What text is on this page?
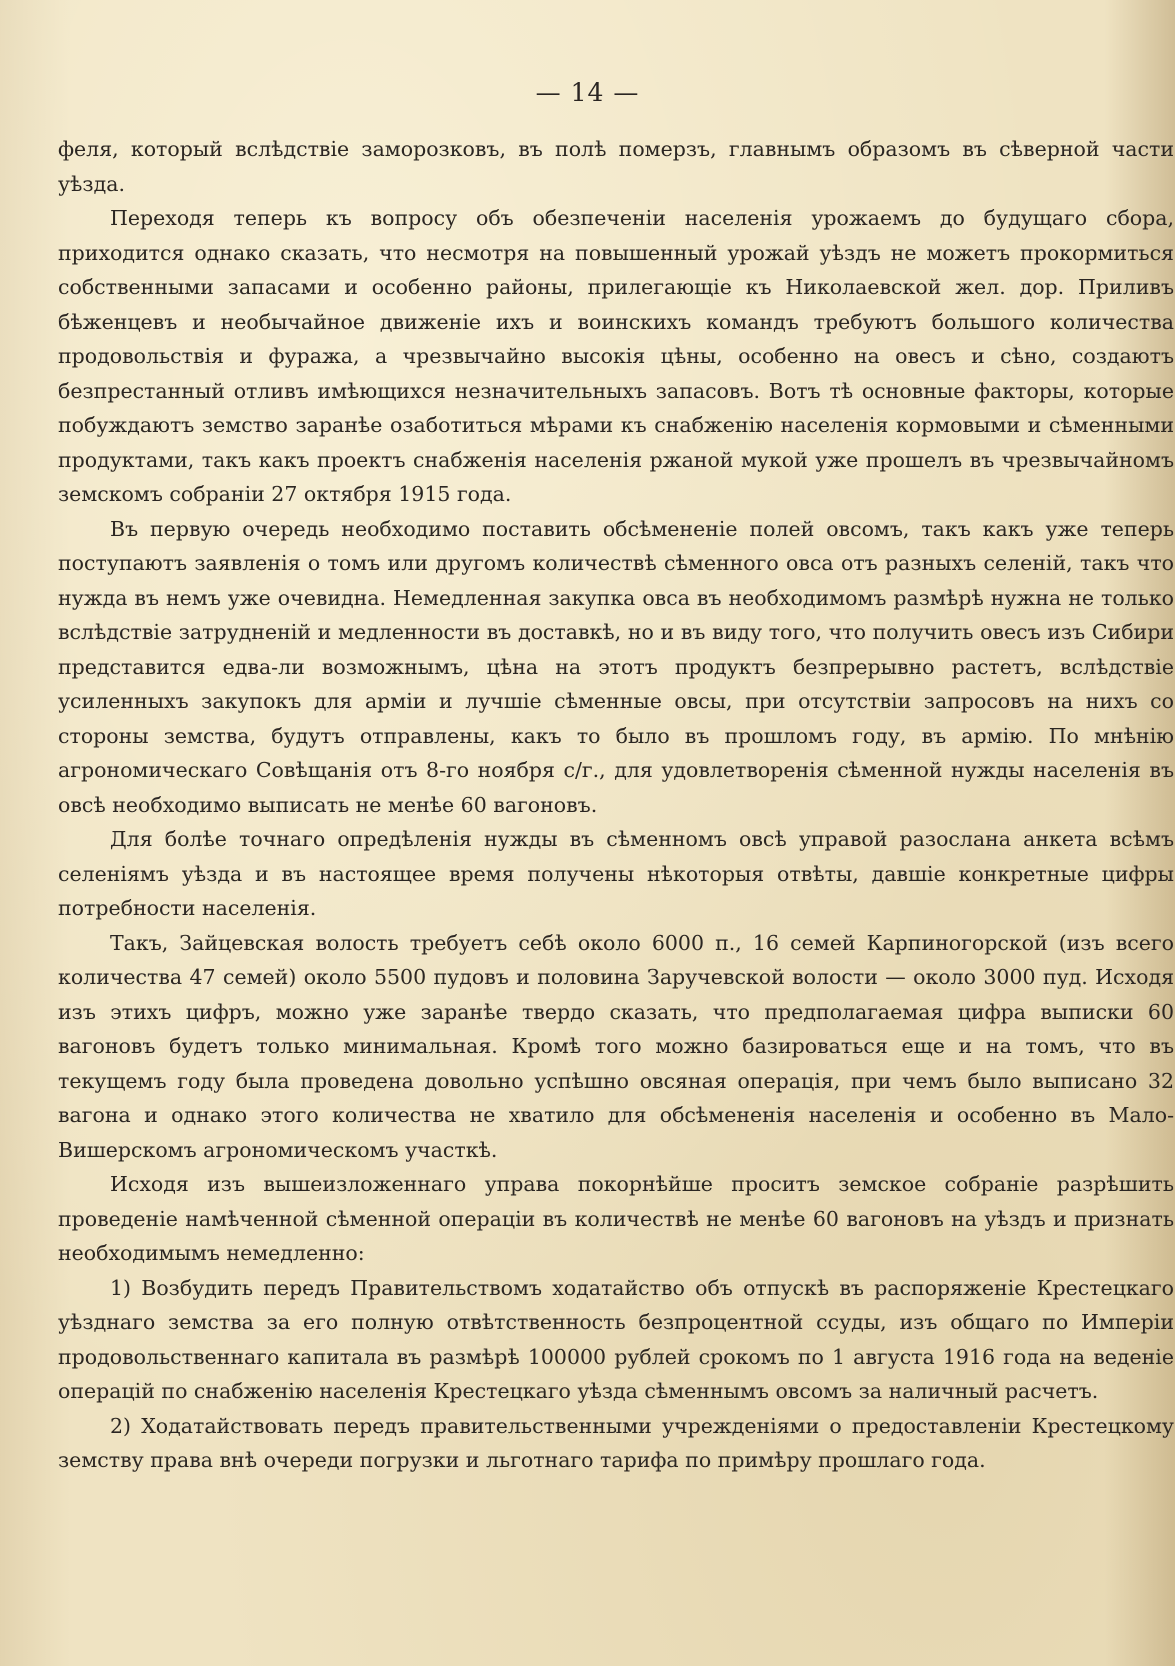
— 14 —

феля, который вслѣдствіе заморозковъ, въ полѣ померзъ, главнымъ образомъ въ сѣверной части уѣзда.

Переходя теперь къ вопросу объ обезпеченіи населенія урожаемъ до будущаго сбора, приходится однако сказать, что несмотря на повышенный урожай уѣздъ не можетъ прокормиться собственными запасами и особенно районы, прилегающіе къ Николаевской жел. дор. Приливъ бѣженцевъ и необычайное движеніе ихъ и воинскихъ командъ требуютъ большого количества продовольствія и фуража, а чрезвычайно высокія цѣны, особенно на овесъ и сѣно, создаютъ безпрестанный отливъ имѣющихся незначительныхъ запасовъ. Вотъ тѣ основные факторы, которые побуждаютъ земство заранѣе озаботиться мѣрами къ снабженію населенія кормовыми и сѣменными продуктами, такъ какъ проектъ снабженія населенія ржаной мукой уже прошелъ въ чрезвычайномъ земскомъ собраніи 27 октября 1915 года.

Въ первую очередь необходимо поставить обсѣмененіе полей овсомъ, такъ какъ уже теперь поступаютъ заявленія о томъ или другомъ количествѣ сѣменного овса отъ разныхъ селеній, такъ что нужда въ немъ уже очевидна. Немедленная закупка овса въ необходимомъ размѣрѣ нужна не только вслѣдствіе затрудненій и медленности въ доставкѣ, но и въ виду того, что получить овесъ изъ Сибири представится едва-ли возможнымъ, цѣна на этотъ продуктъ безпрерывно растетъ, вслѣдствіе усиленныхъ закупокъ для арміи и лучшіе сѣменные овсы, при отсутствіи запросовъ на нихъ со стороны земства, будутъ отправлены, какъ то было въ прошломъ году, въ армію. По мнѣнію агрономическаго Совѣщанія отъ 8-го ноября с/г., для удовлетворенія сѣменной нужды населенія въ овсѣ необходимо выписать не менѣе 60 вагоновъ.

Для болѣе точнаго опредѣленія нужды въ сѣменномъ овсѣ управой разослана анкета всѣмъ селеніямъ уѣзда и въ настоящее время получены нѣкоторыя отвѣты, давшіе конкретные цифры потребности населенія.

Такъ, Зайцевская волость требуетъ себѣ около 6000 п., 16 семей Карпиногорской (изъ всего количества 47 семей) около 5500 пудовъ и половина Заручевской волости — около 3000 пуд. Исходя изъ этихъ цифръ, можно уже заранѣе твердо сказать, что предполагаемая цифра выписки 60 вагоновъ будетъ только минимальная. Кромѣ того можно базироваться еще и на томъ, что въ текущемъ году была проведена довольно успѣшно овсяная операція, при чемъ было выписано 32 вагона и однако этого количества не хватило для обсѣмененія населенія и особенно въ Мало-Вишерскомъ агрономическомъ участкѣ.

Исходя изъ вышеизложеннаго управа покорнѣйше проситъ земское собраніе разрѣшить проведеніе намѣченной сѣменной операціи въ количествѣ не менѣе 60 вагоновъ на уѣздъ и признать необходимымъ немедленно:

1) Возбудить передъ Правительствомъ ходатайство объ отпускѣ въ распоряженіе Крестецкаго уѣзднаго земства за его полную отвѣтственность безпроцентной ссуды, изъ общаго по Имперіи продовольственнаго капитала въ размѣрѣ 100000 рублей срокомъ по 1 августа 1916 года на веденіе операцій по снабженію населенія Крестецкаго уѣзда сѣменнымъ овсомъ за наличный расчетъ.

2) Ходатайствовать передъ правительственными учрежденіями о предоставленіи Крестецкому земству права внѣ очереди погрузки и льготнаго тарифа по примѣру прошлаго года.
